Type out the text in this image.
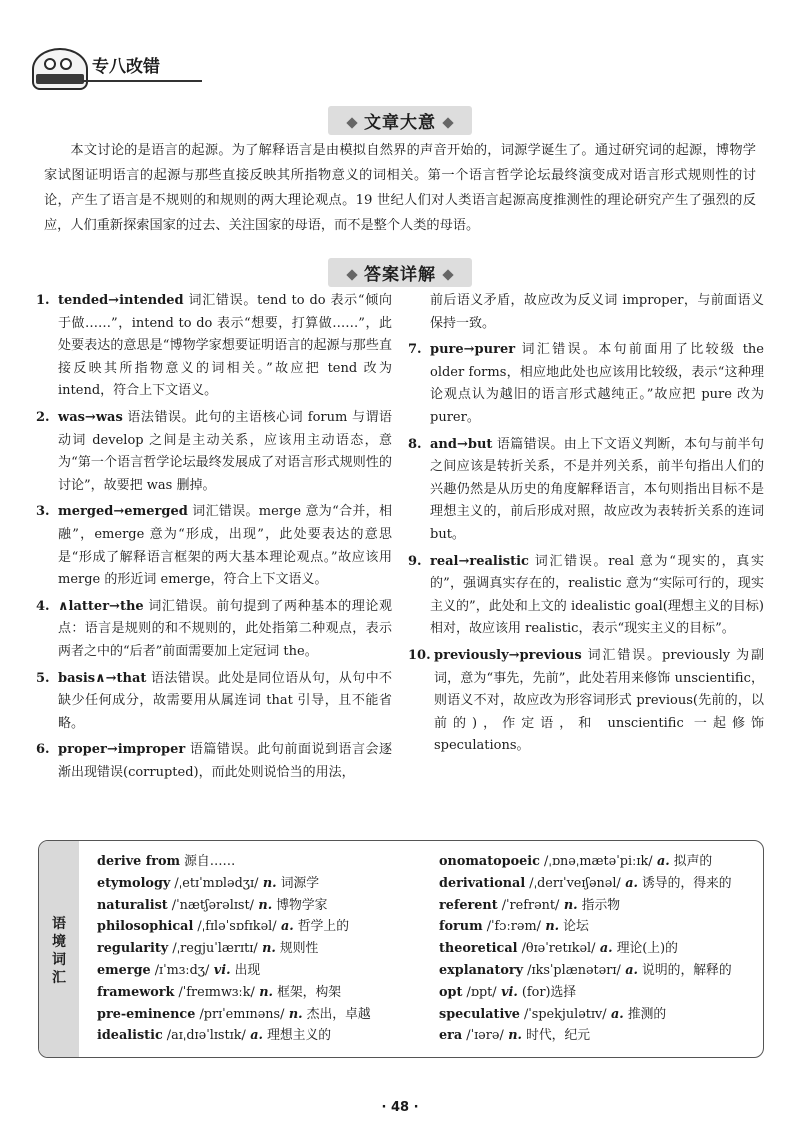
专八改错
文章大意

本文讨论的是语言的起源。为了解释语言是由模拟自然界的声音开始的，词源学诞生了。通过研究词的起源，博物学家试图证明语言的起源与那些直接反映其所指物意义的词相关。第一个语言哲学论坛最终演变成对语言形式规则性的讨论，产生了语言是不规则的和规则的两大理论观点。19 世纪人们对人类语言起源高度推测性的理论研究产生了强烈的反应，人们重新探索国家的过去、关注国家的母语，而不是整个人类的母语。

答案详解

1. tended→intended 词汇错误。tend to do 表示“倾向于做……”，intend to do 表示“想要，打算做……”，此处要表达的意思是“博物学家想要证明语言的起源与那些直接反映其所指物意义的词相关。”故应把 tend 改为 intend，符合上下文语义。

2. was→was 语法错误。此句的主语核心词 forum 与谓语动词 develop 之间是主动关系，应该用主动语态，意为“第一个语言哲学论坛最终发展成了对语言形式规则性的讨论”，故要把 was 删掉。

3. merged→emerged 词汇错误。merge 意为“合并，相融”，emerge 意为“形成，出现”，此处要表达的意思是“形成了解释语言框架的两大基本理论观点。”故应该用 merge 的形近词 emerge，符合上下文语义。

4. ∧latter→the 词汇错误。前句提到了两种基本的理论观点：语言是规则的和不规则的，此处指第二种观点，表示两者之中的“后者”前面需要加上定冠词 the。

5. basis∧→that 语法错误。此处是同位语从句，从句中不缺少任何成分，故需要用从属连词 that 引导，且不能省略。

6. proper→improper 语篇错误。此句前面说到语言会逐渐出现错误(corrupted)，而此处则说恰当的用法，

前后语义矛盾，故应改为反义词 improper，与前面语义保持一致。

7. pure→purer 词汇错误。本句前面用了比较级 the older forms，相应地此处也应该用比较级，表示“这种理论观点认为越旧的语言形式越纯正。”故应把 pure 改为 purer。

8. and→but 语篇错误。由上下文语义判断，本句与前半句之间应该是转折关系，不是并列关系，前半句指出人们的兴趣仍然是从历史的角度解释语言，本句则指出目标不是理想主义的，前后形成对照，故应改为表转折关系的连词 but。

9. real→realistic 词汇错误。real 意为“现实的，真实的”，强调真实存在的，realistic 意为“实际可行的，现实主义的”，此处和上文的 idealistic goal(理想主义的目标)相对，故应该用 realistic，表示“现实主义的目标”。

10. previously→previous 词汇错误。previously 为副词，意为“事先，先前”，此处若用来修饰 unscientific，则语义不对，故应改为形容词形式 previous(先前的，以前的)，作定语，和 unscientific 一起修饰 speculations。

语境词汇
derive from 源自……
etymology /ˌetɪˈmɒlədʒɪ/ n. 词源学
naturalist /ˈnætʃərəlɪst/ n. 博物学家
philosophical /ˌfɪləˈsɒfɪkəl/ a. 哲学上的
regularity /ˌregjuˈlærɪtɪ/ n. 规则性
emerge /ɪˈmɜːdʒ/ vi. 出现
framework /ˈfreɪmwɜːk/ n. 框架，构架
pre-eminence /prɪˈemɪnəns/ n. 杰出，卓越
idealistic /aɪˌdɪəˈlɪstɪk/ a. 理想主义的
onomatopoeic /ˌɒnəˌmætəˈpiːɪk/ a. 拟声的
derivational /ˌderɪˈveɪʃənəl/ a. 诱导的，得来的
referent /ˈrefrənt/ n. 指示物
forum /ˈfɔːrəm/ n. 论坛
theoretical /θɪəˈretɪkəl/ a. 理论(上)的
explanatory /ɪksˈplænətərɪ/ a. 说明的，解释的
opt /ɒpt/ vi. (for)选择
speculative /ˈspekjulətɪv/ a. 推测的
era /ˈɪərə/ n. 时代，纪元
· 48 ·
